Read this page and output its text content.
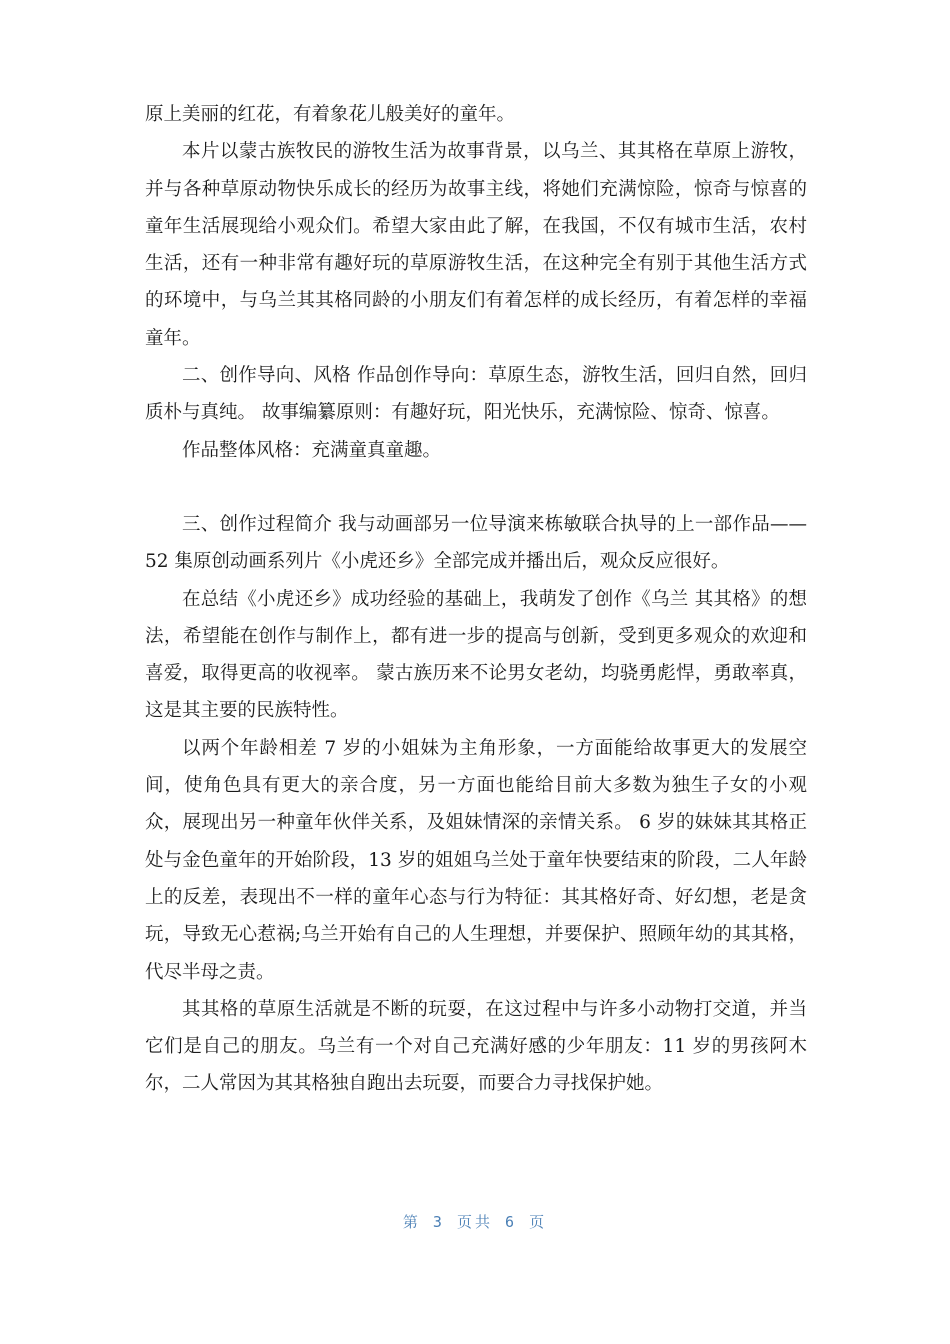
原上美丽的红花，有着象花儿般美好的童年。

本片以蒙古族牧民的游牧生活为故事背景，以乌兰、其其格在草原上游牧，并与各种草原动物快乐成长的经历为故事主线，将她们充满惊险，惊奇与惊喜的童年生活展现给小观众们。希望大家由此了解，在我国，不仅有城市生活，农村生活，还有一种非常有趣好玩的草原游牧生活，在这种完全有别于其他生活方式的环境中，与乌兰其其格同龄的小朋友们有着怎样的成长经历，有着怎样的幸福童年。

二、创作导向、风格 作品创作导向：草原生态，游牧生活，回归自然，回归质朴与真纯。 故事编纂原则：有趣好玩，阳光快乐，充满惊险、惊奇、惊喜。

作品整体风格：充满童真童趣。

三、创作过程简介 我与动画部另一位导演来栋敏联合执导的上一部作品——52 集原创动画系列片《小虎还乡》全部完成并播出后，观众反应很好。

在总结《小虎还乡》成功经验的基础上，我萌发了创作《乌兰 其其格》的想法，希望能在创作与制作上，都有进一步的提高与创新，受到更多观众的欢迎和喜爱，取得更高的收视率。 蒙古族历来不论男女老幼，均骁勇彪悍，勇敢率真，这是其主要的民族特性。

以两个年龄相差 7 岁的小姐妹为主角形象，一方面能给故事更大的发展空间，使角色具有更大的亲合度，另一方面也能给目前大多数为独生子女的小观众，展现出另一种童年伙伴关系，及姐妹情深的亲情关系。 6 岁的妹妹其其格正处与金色童年的开始阶段，13 岁的姐姐乌兰处于童年快要结束的阶段，二人年龄上的反差，表现出不一样的童年心态与行为特征：其其格好奇、好幻想，老是贪玩，导致无心惹祸;乌兰开始有自己的人生理想，并要保护、照顾年幼的其其格，代尽半母之责。

其其格的草原生活就是不断的玩耍，在这过程中与许多小动物打交道，并当它们是自己的朋友。乌兰有一个对自己充满好感的少年朋友：11 岁的男孩阿木尔，二人常因为其其格独自跑出去玩耍，而要合力寻找保护她。

第 3 页共 6 页
